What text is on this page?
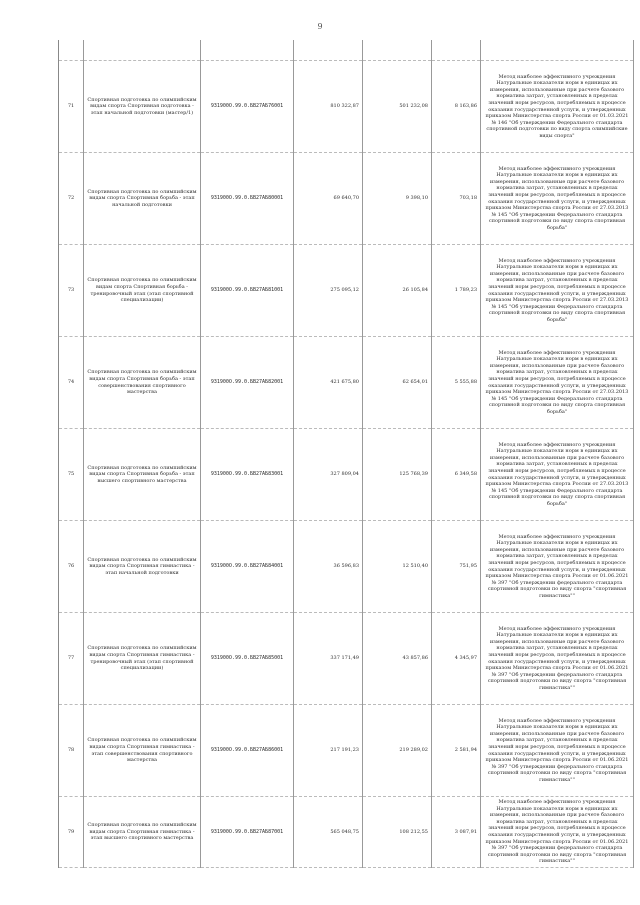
9

71	Спортивная подготовка по олимпийским видам спорта Спортивная подготовка - этап начальной подготовки (мастер/1)	931900О.99.0.БВ27АБ76001	810 322,87	501 232,08	8 163,86	Метод наиболее эффективного учреждения Натуральные показатели норм в единицах их измерения, использованные при расчете базового норматива затрат, установленных в пределах значений норм ресурсов, потребляемых в процессе оказания государственной услуги, и утвержденных приказом Министерства спорта России от 01.03.2021 № 146 "Об утверждении Федерального стандарта спортивной подготовки по виду спорта олимпийские виды спорта"
72	Спортивная подготовка по олимпийским видам спорта Спортивная борьба - этап начальной подготовки	931900О.99.0.БВ27АБ80001	69 640,70	9 398,10	703,18	Метод наиболее эффективного учреждения Натуральные показатели норм в единицах их измерения, использованные при расчете базового норматива затрат, установленных в пределах значений норм ресурсов, потребляемых в процессе оказания государственной услуги, и утвержденных приказом Министерства спорта России от 27.03.2013 № 145 "Об утверждении Федерального стандарта спортивной подготовки по виду спорта спортивная борьба"
73	Спортивная подготовка по олимпийским видам спорта Спортивная борьба - тренировочный этап (этап спортивной специализации)	931900О.99.0.БВ27АБ81001	275 095,12	26 105,84	1 789,23	Метод наиболее эффективного учреждения Натуральные показатели норм в единицах их измерения, использованные при расчете базового норматива затрат, установленных в пределах значений норм ресурсов, потребляемых в процессе оказания государственной услуги, и утвержденных приказом Министерства спорта России от 27.03.2013 № 145 "Об утверждении Федерального стандарта спортивной подготовки по виду спорта спортивная борьба"
74	Спортивная подготовка по олимпийским видам спорта Спортивная борьба - этап совершенствования спортивного мастерства	931900О.99.0.БВ27АБ82001	421 675,80	62 654,01	5 555,88	Метод наиболее эффективного учреждения Натуральные показатели норм в единицах их измерения, использованные при расчете базового норматива затрат, установленных в пределах значений норм ресурсов, потребляемых в процессе оказания государственной услуги, и утвержденных приказом Министерства спорта России от 27.03.2013 № 145 "Об утверждении Федерального стандарта спортивной подготовки по виду спорта спортивная борьба"
75	Спортивная подготовка по олимпийским видам спорта Спортивная борьба - этап высшего спортивного мастерства	931900О.99.0.БВ27АБ83001	327 809,04	125 768,39	6 349,58	Метод наиболее эффективного учреждения Натуральные показатели норм в единицах их измерения, использованные при расчете базового норматива затрат, установленных в пределах значений норм ресурсов, потребляемых в процессе оказания государственной услуги, и утвержденных приказом Министерства спорта России от 27.03.2013 № 145 "Об утверждении Федерального стандарта спортивной подготовки по виду спорта спортивная борьба"
76	Спортивная подготовка по олимпийским видам спорта Спортивная гимнастика - этап начальной подготовки	931900О.99.0.БВ27АБ84001	36 596,83	12 510,40	751,95	Метод наиболее эффективного учреждения Натуральные показатели норм в единицах их измерения, использованные при расчете базового норматива затрат, установленных в пределах значений норм ресурсов, потребляемых в процессе оказания государственной услуги, и утвержденных приказом Министерства спорта России от 01.06.2021 № 397 "Об утверждении федерального стандарта спортивной подготовки по виду спорта "спортивная гимнастика""
77	Спортивная подготовка по олимпийским видам спорта Спортивная гимнастика - тренировочный этап (этап спортивной специализации)	931900О.99.0.БВ27АБ85001	337 171,49	43 857,86	4 345,97	Метод наиболее эффективного учреждения Натуральные показатели норм в единицах их измерения, использованные при расчете базового норматива затрат, установленных в пределах значений норм ресурсов, потребляемых в процессе оказания государственной услуги, и утвержденных приказом Министерства спорта России от 01.06.2021 № 397 "Об утверждении федерального стандарта спортивной подготовки по виду спорта "спортивная гимнастика""
78	Спортивная подготовка по олимпийским видам спорта Спортивная гимнастика - этап совершенствования спортивного мастерства	931900О.99.0.БВ27АБ86001	217 191,23	219 289,02	2 581,94	Метод наиболее эффективного учреждения Натуральные показатели норм в единицах их измерения, использованные при расчете базового норматива затрат, установленных в пределах значений норм ресурсов, потребляемых в процессе оказания государственной услуги, и утвержденных приказом Министерства спорта России от 01.06.2021 № 397 "Об утверждении федерального стандарта спортивной подготовки по виду спорта "спортивная гимнастика""
79	Спортивная подготовка по олимпийским видам спорта Спортивная гимнастика - этап высшего спортивного мастерства	931900О.99.0.БВ27АБ87001	565 048,75	108 212,55	3 087,91	Метод наиболее эффективного учреждения Натуральные показатели норм в единицах их измерения, использованные при расчете базового норматива затрат, установленных в пределах значений норм ресурсов, потребляемых в процессе оказания государственной услуги, и утвержденных приказом Министерства спорта России от 01.06.2021 № 397 "Об утверждении федерального стандарта спортивной подготовки по виду спорта "спортивная гимнастика""
